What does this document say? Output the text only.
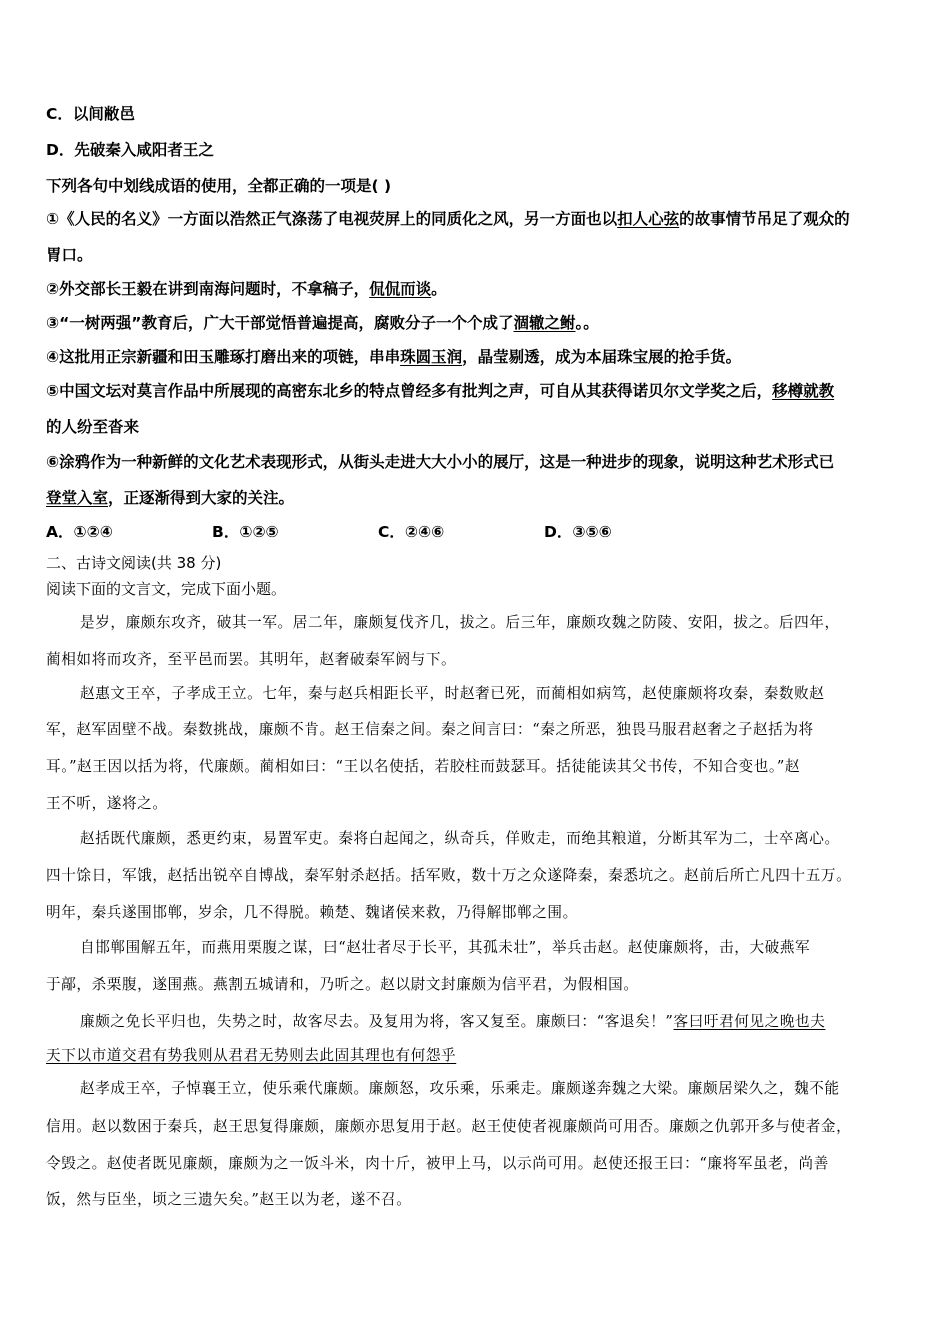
C．以间敝邑
D．先破秦入咸阳者王之
下列各句中划线成语的使用，全都正确的一项是( )
①《人民的名义》一方面以浩然正气涤荡了电视荧屏上的同质化之风，另一方面也以扣人心弦的故事情节吊足了观众的
胃口。
②外交部长王毅在讲到南海问题时，不拿稿子，侃侃而谈。
③“一树两强”教育后，广大干部觉悟普遍提高，腐败分子一个个成了涸辙之鲋。。
④这批用正宗新疆和田玉雕琢打磨出来的项链，串串珠圆玉润，晶莹剔透，成为本届珠宝展的抢手货。
⑤中国文坛对莫言作品中所展现的高密东北乡的特点曾经多有批判之声，可自从其获得诺贝尔文学奖之后，移樽就教
的人纷至沓来
⑥涂鸦作为一种新鲜的文化艺术表现形式，从街头走进大大小小的展厅，这是一种进步的现象，说明这种艺术形式已
登堂入室，正逐渐得到大家的关注。
A．①②④	B．①②⑤	C．②④⑥	D．③⑤⑥
二、古诗文阅读(共 38 分)
阅读下面的文言文，完成下面小题。
是岁，廉颇东攻齐，破其一军。居二年，廉颇复伐齐几，拔之。后三年，廉颇攻魏之防陵、安阳，拔之。后四年，
蔺相如将而攻齐，至平邑而罢。其明年，赵奢破秦军阏与下。
赵惠文王卒，子孝成王立。七年，秦与赵兵相距长平，时赵奢已死，而蔺相如病笃，赵使廉颇将攻秦，秦数败赵
军，赵军固壁不战。秦数挑战，廉颇不肯。赵王信秦之间。秦之间言曰：“秦之所恶，独畏马服君赵奢之子赵括为将
耳。”赵王因以括为将，代廉颇。蔺相如曰：“王以名使括，若胶柱而鼓瑟耳。括徒能读其父书传，不知合变也。”赵
王不听，遂将之。
赵括既代廉颇，悉更约束，易置军吏。秦将白起闻之，纵奇兵，佯败走，而绝其粮道，分断其军为二，士卒离心。
四十馀日，军饿，赵括出锐卒自博战，秦军射杀赵括。括军败，数十万之众遂降秦，秦悉坑之。赵前后所亡凡四十五万。
明年，秦兵遂围邯郸，岁余，几不得脱。赖楚、魏诸侯来救，乃得解邯郸之围。
自邯郸围解五年，而燕用栗腹之谋，曰“赵壮者尽于长平，其孤未壮”，举兵击赵。赵使廉颇将，击，大破燕军
于鄗，杀栗腹，遂围燕。燕割五城请和，乃听之。赵以尉文封廉颇为信平君，为假相国。
廉颇之免长平归也，失势之时，故客尽去。及复用为将，客又复至。廉颇曰：“客退矣！”客曰吁君何见之晚也夫
天下以市道交君有势我则从君君无势则去此固其理也有何怨乎
赵孝成王卒，子悼襄王立，使乐乘代廉颇。廉颇怒，攻乐乘，乐乘走。廉颇遂奔魏之大梁。廉颇居梁久之，魏不能
信用。赵以数困于秦兵，赵王思复得廉颇，廉颇亦思复用于赵。赵王使使者视廉颇尚可用否。廉颇之仇郭开多与使者金，
令毁之。赵使者既见廉颇，廉颇为之一饭斗米，肉十斤，被甲上马，以示尚可用。赵使还报王曰：“廉将军虽老，尚善
饭，然与臣坐，顷之三遗矢矣。”赵王以为老，遂不召。
